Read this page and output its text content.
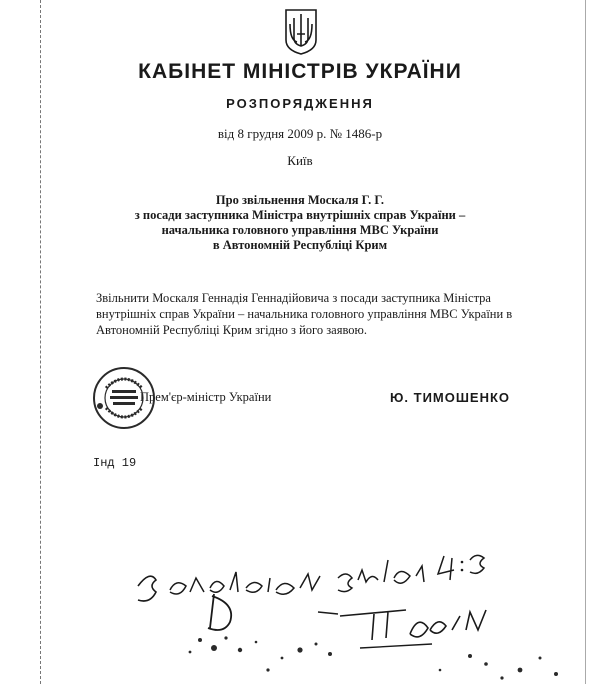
КАБІНЕТ МІНІСТРІВ УКРАЇНИ
РОЗПОРЯДЖЕННЯ
від 8 грудня 2009 р. № 1486-р
Київ
Про звільнення Москаля Г. Г.
з посади заступника Міністра внутрішніх справ України –
начальника головного управління МВС України
в Автономній Республіці Крим
Звільнити Москаля Геннадія Геннадійовича з посади заступника Міністра
внутрішніх справ України – начальника головного управління МВС України в
Автономній Республіці Крим згідно з його заявою.
Прем'єр-міністр України	Ю. ТИМОШЕНКО
Інд 19
